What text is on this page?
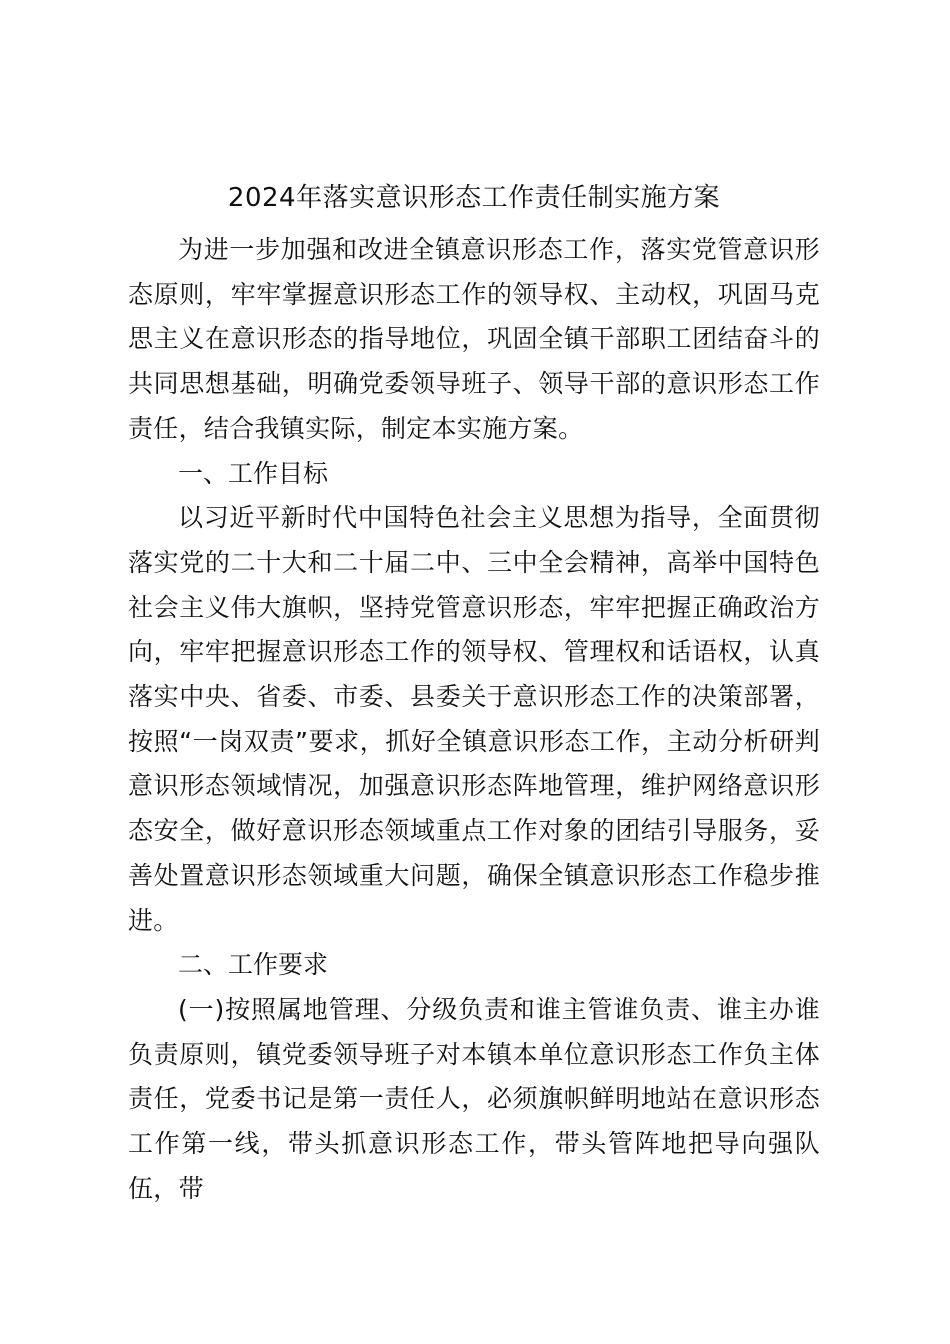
2024年落实意识形态工作责任制实施方案

为进一步加强和改进全镇意识形态工作，落实党管意识形态原则，牢牢掌握意识形态工作的领导权、主动权，巩固马克思主义在意识形态的指导地位，巩固全镇干部职工团结奋斗的共同思想基础，明确党委领导班子、领导干部的意识形态工作责任，结合我镇实际，制定本实施方案。

一、工作目标

以习近平新时代中国特色社会主义思想为指导，全面贯彻落实党的二十大和二十届二中、三中全会精神，高举中国特色社会主义伟大旗帜，坚持党管意识形态，牢牢把握正确政治方向，牢牢把握意识形态工作的领导权、管理权和话语权，认真落实中央、省委、市委、县委关于意识形态工作的决策部署，按照“一岗双责”要求，抓好全镇意识形态工作，主动分析研判意识形态领域情况，加强意识形态阵地管理，维护网络意识形态安全，做好意识形态领域重点工作对象的团结引导服务，妥善处置意识形态领域重大问题，确保全镇意识形态工作稳步推进。

二、工作要求

(一)按照属地管理、分级负责和谁主管谁负责、谁主办谁负责原则，镇党委领导班子对本镇本单位意识形态工作负主体责任，党委书记是第一责任人，必须旗帜鲜明地站在意识形态工作第一线，带头抓意识形态工作，带头管阵地把导向强队伍，带
